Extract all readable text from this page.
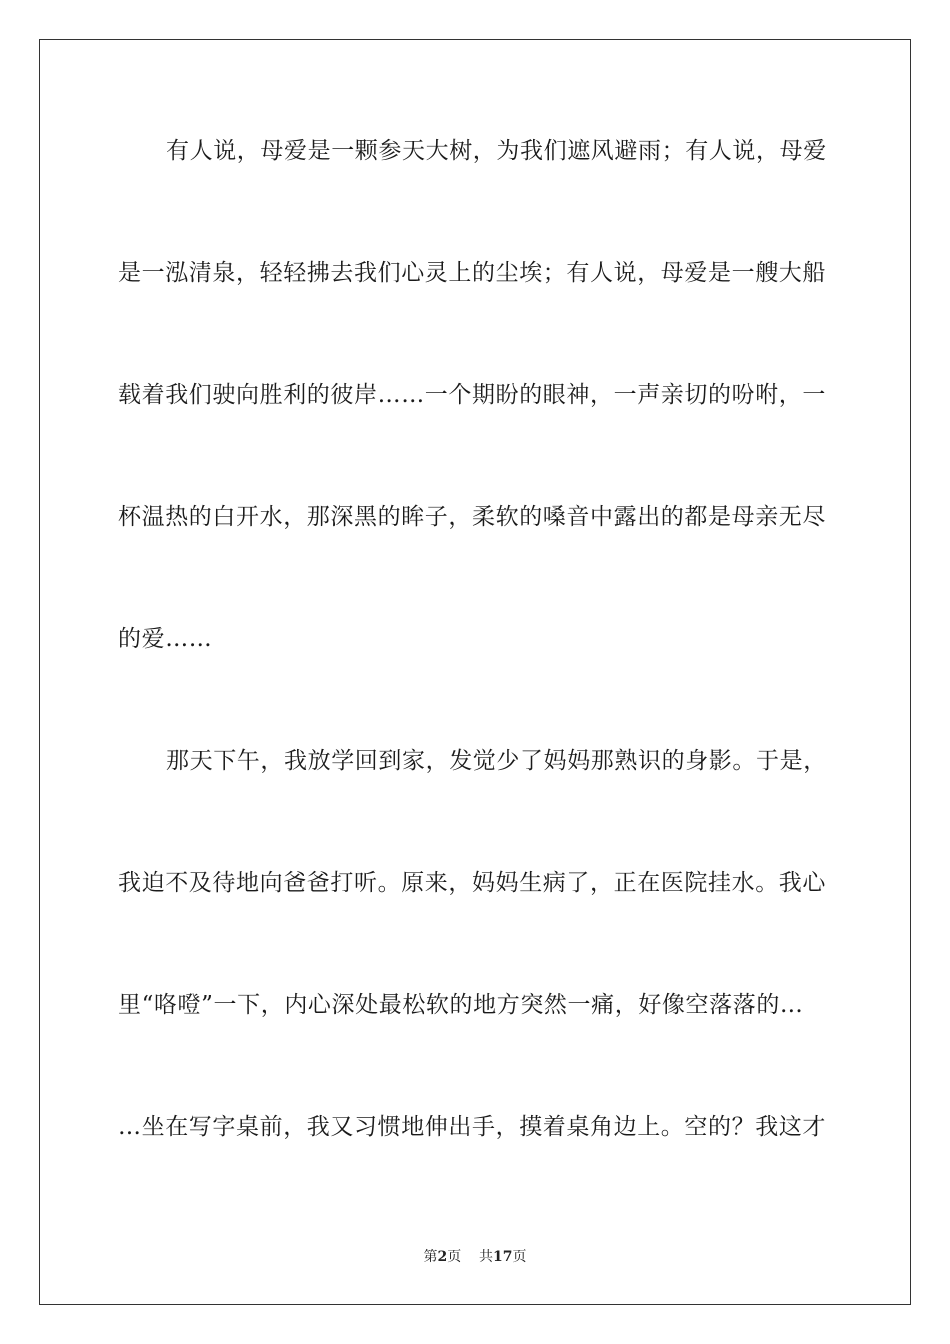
有人说，母爱是一颗参天大树，为我们遮风避雨；有人说，母爱
是一泓清泉，轻轻拂去我们心灵上的尘埃；有人说，母爱是一艘大船
载着我们驶向胜利的彼岸……一个期盼的眼神，一声亲切的吩咐，一
杯温热的白开水，那深黑的眸子，柔软的嗓音中露出的都是母亲无尽
的爱……
那天下午，我放学回到家，发觉少了妈妈那熟识的身影。于是，
我迫不及待地向爸爸打听。原来，妈妈生病了，正在医院挂水。我心
里“咯噔”一下，内心深处最松软的地方突然一痛，好像空落落的…
…坐在写字桌前，我又习惯地伸出手，摸着桌角边上。空的？我这才
第2页 共17页
